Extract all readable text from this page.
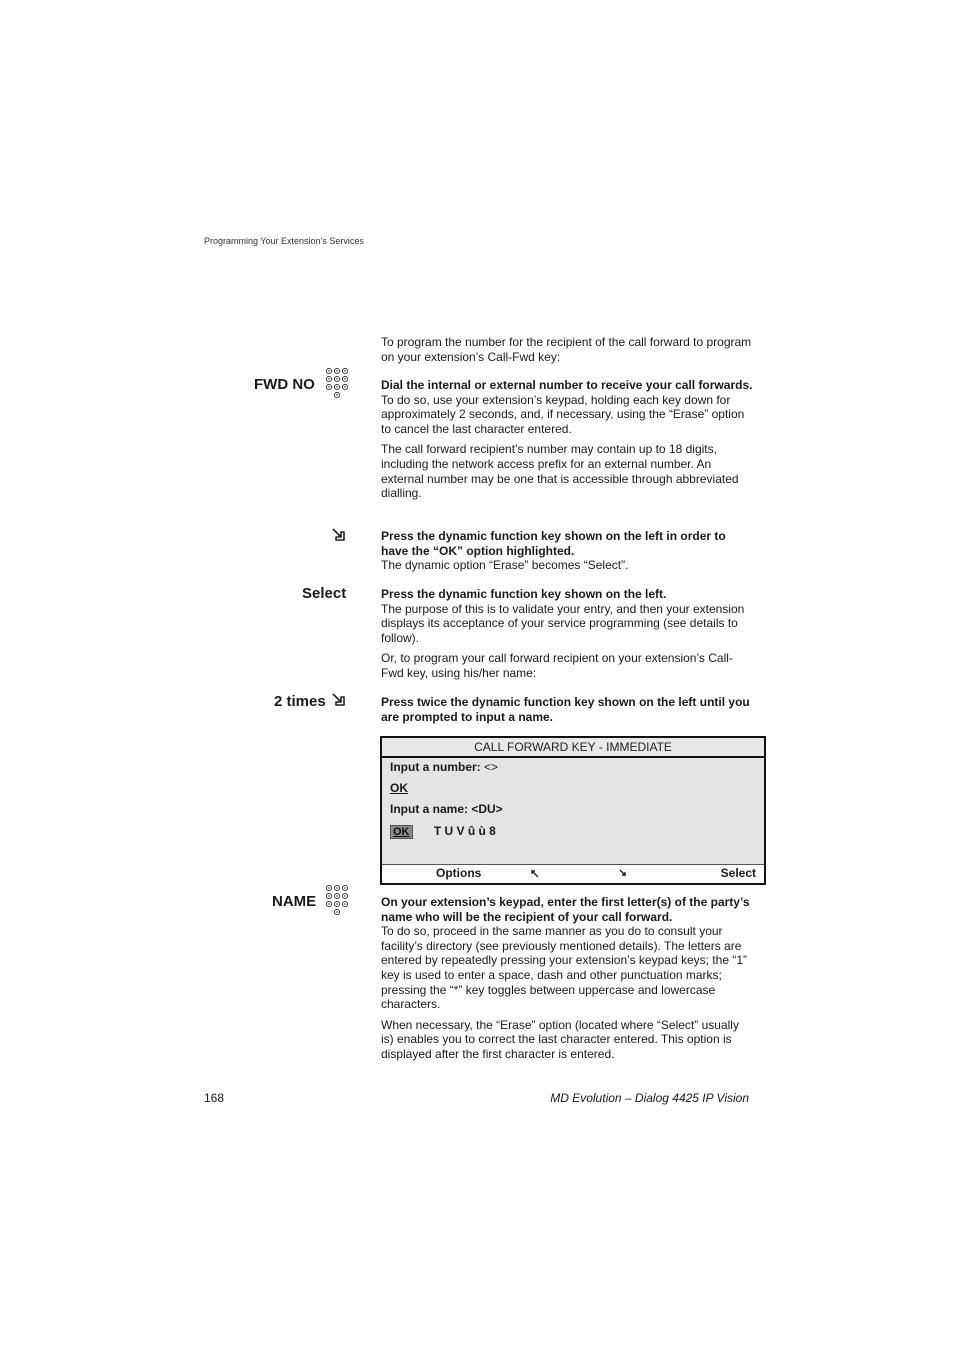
Programming Your Extension’s Services
To program the number for the recipient of the call forward to program on your extension’s Call-Fwd key:
FWD NO	Dial the internal or external number to receive your call forwards.
To do so, use your extension’s keypad, holding each key down for approximately 2 seconds, and, if necessary, using the “Erase” option to cancel the last character entered.
The call forward recipient’s number may contain up to 18 digits, including the network access prefix for an external number. An external number may be one that is accessible through abbreviated dialling.
Press the dynamic function key shown on the left in order to have the “OK” option highlighted.
The dynamic option “Erase” becomes “Select”.
Select	Press the dynamic function key shown on the left.
The purpose of this is to validate your entry, and then your extension displays its acceptance of your service programming (see details to follow).
Or, to program your call forward recipient on your extension’s Call-Fwd key, using his/her name:
2 times	Press twice the dynamic function key shown on the left until you are prompted to input a name.
CALL FORWARD KEY - IMMEDIATE
Input a number: <>
OK
Input a name: <DU>
OK T U V û ù 8
Options	Select
NAME	On your extension’s keypad, enter the first letter(s) of the party’s name who will be the recipient of your call forward.
To do so, proceed in the same manner as you do to consult your facility’s directory (see previously mentioned details). The letters are entered by repeatedly pressing your extension’s keypad keys; the “1” key is used to enter a space, dash and other punctuation marks; pressing the “*” key toggles between uppercase and lowercase characters.
When necessary, the “Erase” option (located where “Select” usually is) enables you to correct the last character entered. This option is displayed after the first character is entered.
168	MD Evolution – Dialog 4425 IP Vision
